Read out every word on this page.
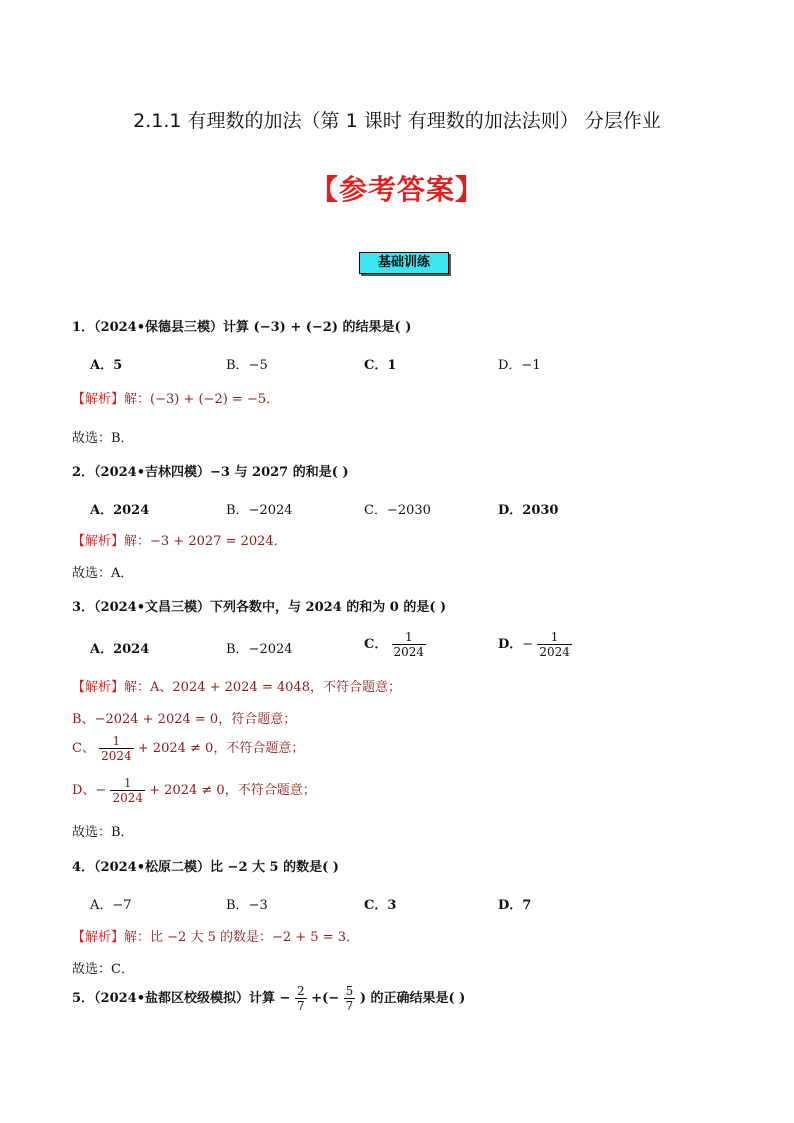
2.1.1 有理数的加法（第 1 课时 有理数的加法法则） 分层作业
【参考答案】
基础训练
1．（2024•保德县三模）计算 (−3) + (−2) 的结果是( )
A．5	B．−5	C．1	D．−1
【解析】解：(−3) + (−2) = −5．
故选：B．
2．（2024•吉林四模）−3 与 2027 的和是( )
A．2024	B．−2024	C．−2030	D．2030
【解析】解：−3 + 2027 = 2024．
故选：A．
3．（2024•文昌三模）下列各数中，与 2024 的和为 0 的是( )
A．2024	B．−2024	C． $\frac{1}{2024}$	D．− $\frac{1}{2024}$
【解析】解：A、2024 + 2024 = 4048，不符合题意；
B、−2024 + 2024 = 0，符合题意；
C、 $\frac{1}{2024} + 2024 \ne 0$，不符合题意；
D、− $\frac{1}{2024} + 2024 \ne 0$，不符合题意；
故选：B．
4．（2024•松原二模）比 −2 大 5 的数是( )
A．−7	B．−3	C．3	D．7
【解析】解：比 −2 大 5 的数是：−2 + 5 = 3．
故选：C．
5．（2024•盐都区校级模拟）计算 − $\frac{2}{7}$ +(− $\frac{5}{7}$ ) 的正确结果是( )
